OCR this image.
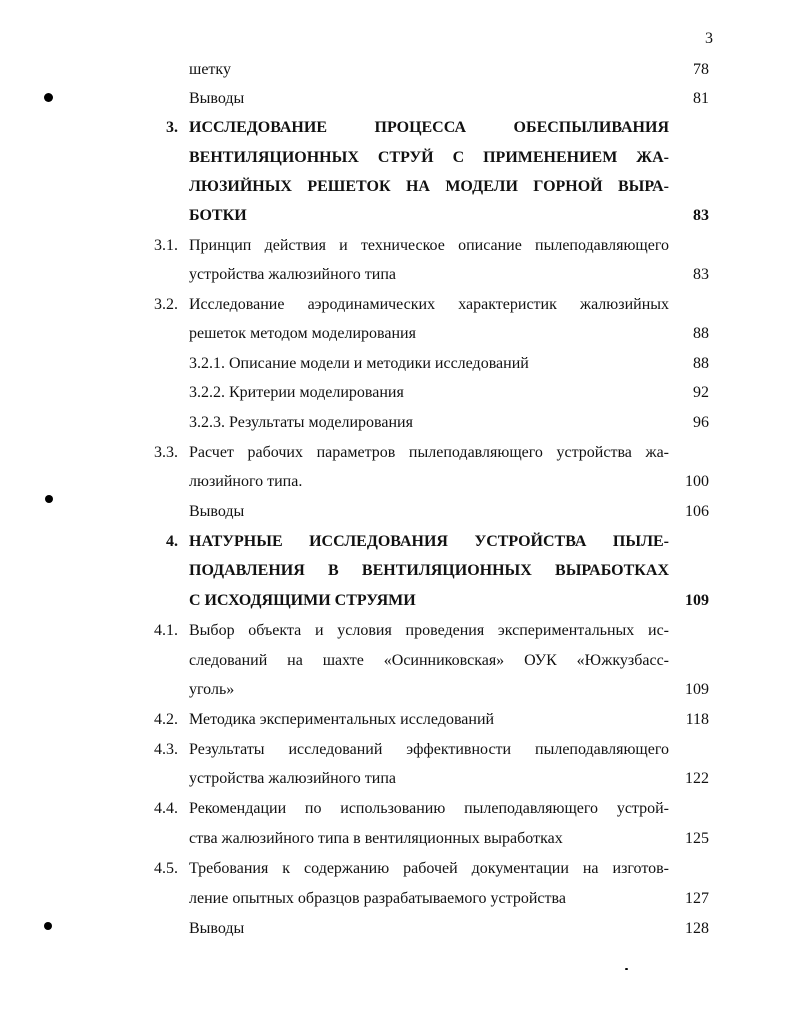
3
шетку	78
Выводы	81
3. ИССЛЕДОВАНИЕ ПРОЦЕССА ОБЕСПЫЛИВАНИЯ
ВЕНТИЛЯЦИОННЫХ СТРУЙ С ПРИМЕНЕНИЕМ ЖА-
ЛЮЗИЙНЫХ РЕШЕТОК НА МОДЕЛИ ГОРНОЙ ВЫРА-
БОТКИ	83
3.1. Принцип действия и техническое описание пылеподавляющего
устройства жалюзийного типа	83
3.2. Исследование аэродинамических характеристик жалюзийных
решеток методом моделирования	88
3.2.1. Описание модели и методики исследований	88
3.2.2. Критерии моделирования	92
3.2.3. Результаты моделирования	96
3.3. Расчет рабочих параметров пылеподавляющего устройства жа-
люзийного типа.	100
Выводы	106
4. НАТУРНЫЕ ИССЛЕДОВАНИЯ УСТРОЙСТВА ПЫЛЕ-
ПОДАВЛЕНИЯ В ВЕНТИЛЯЦИОННЫХ ВЫРАБОТКАХ
С ИСХОДЯЩИМИ СТРУЯМИ	109
4.1. Выбор объекта и условия проведения экспериментальных ис-
следований на шахте «Осинниковская» ОУК «Южкузбасс-
уголь»	109
4.2. Методика экспериментальных исследований	118
4.3. Результаты исследований эффективности пылеподавляющего
устройства жалюзийного типа	122
4.4. Рекомендации по использованию пылеподавляющего устрой-
ства жалюзийного типа в вентиляционных выработках	125
4.5. Требования к содержанию рабочей документации на изготов-
ление опытных образцов разрабатываемого устройства	127
Выводы	128
